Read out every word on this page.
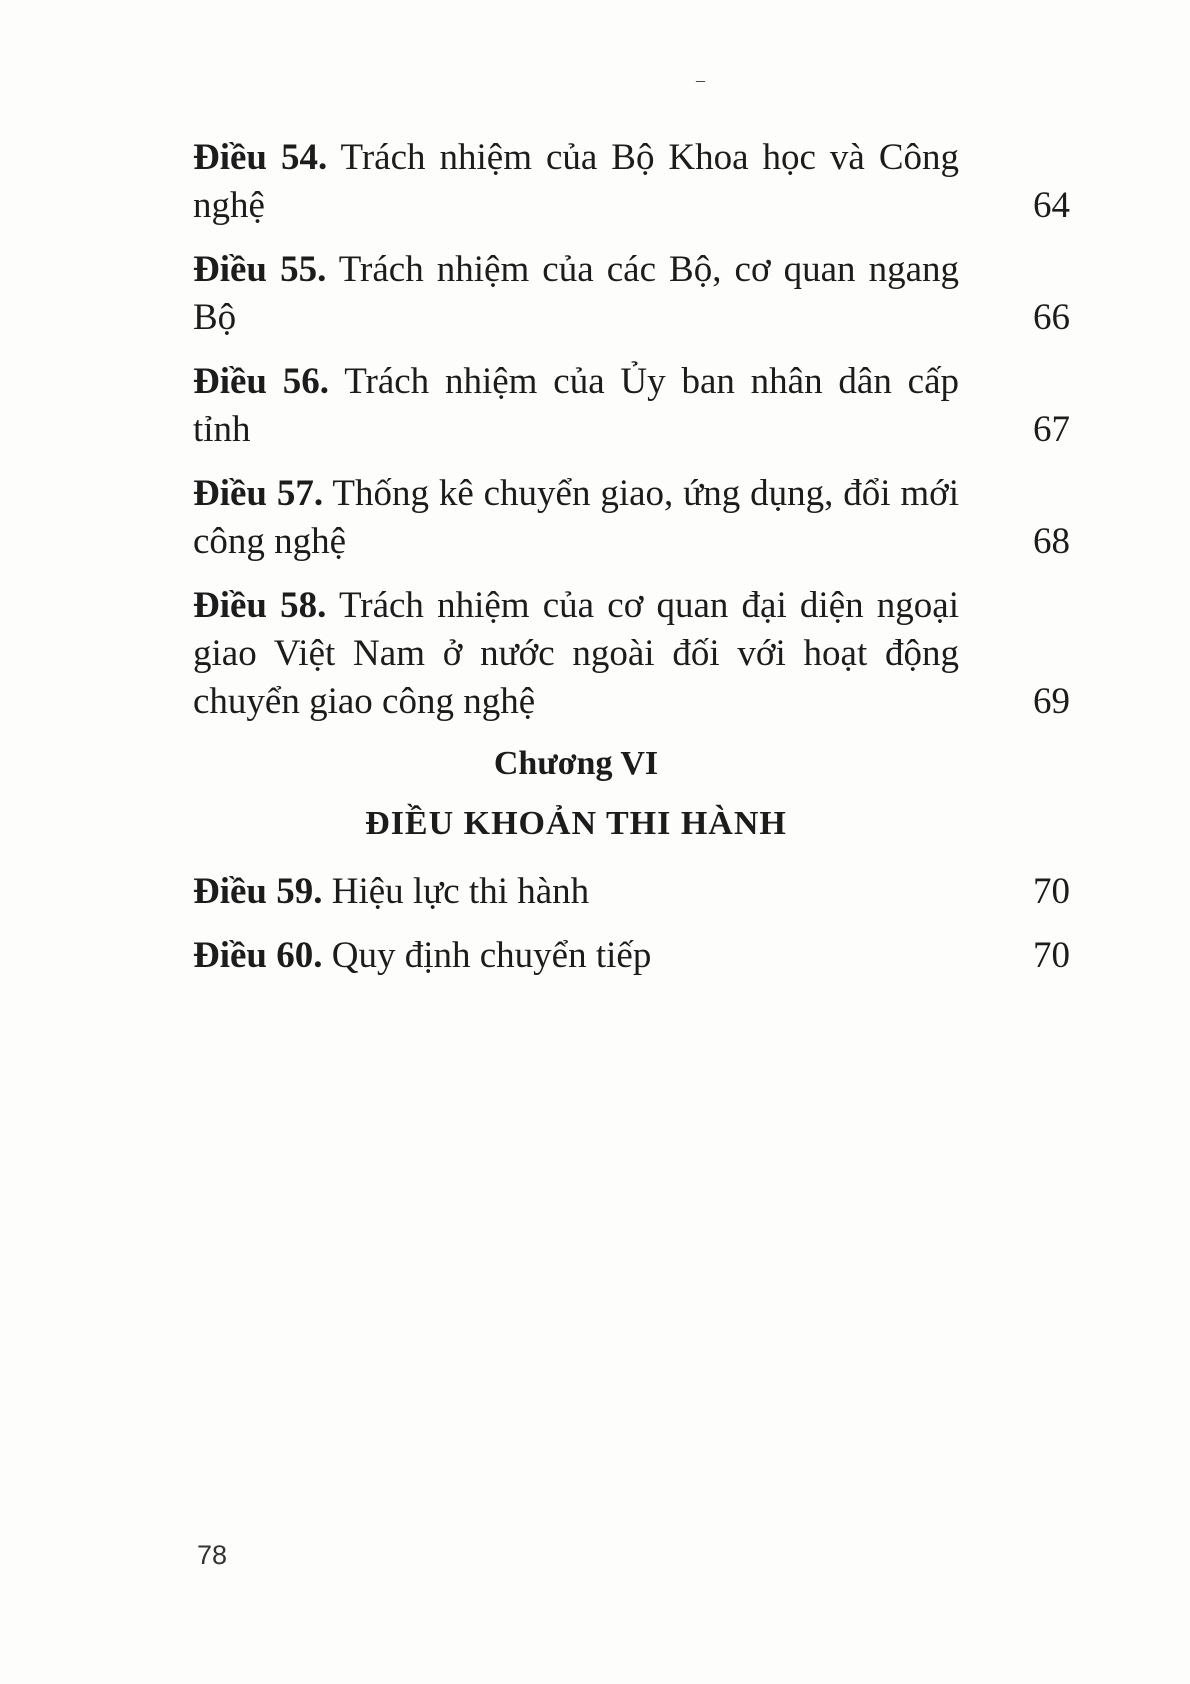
–
Điều 54. Trách nhiệm của Bộ Khoa học và Công nghệ	64
Điều 55. Trách nhiệm của các Bộ, cơ quan ngang Bộ	66
Điều 56. Trách nhiệm của Ủy ban nhân dân cấp tỉnh	67
Điều 57. Thống kê chuyển giao, ứng dụng, đổi mới công nghệ	68
Điều 58. Trách nhiệm của cơ quan đại diện ngoại giao Việt Nam ở nước ngoài đối với hoạt động chuyển giao công nghệ	69
Chương VI
ĐIỀU KHOẢN THI HÀNH
Điều 59. Hiệu lực thi hành	70
Điều 60. Quy định chuyển tiếp	70
78
